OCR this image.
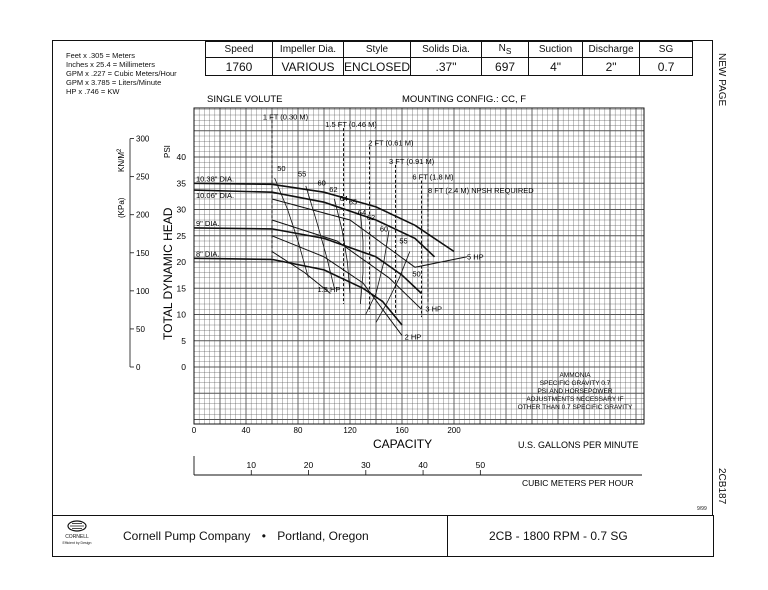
Feet x .305 = Meters
Inches x 25.4 = Millimeters
GPM x .227 = Cubic Meters/Hour
GPM x 3.785 = Liters/Minute
HP x .746 = KW
Speed	Impeller Dia.	Style	Solids Dia.	$N_S$	Suction	Discharge	SG
1760	VARIOUS	ENCLOSED	.37"	697	4"	2"	0.7	NEW PAGE
2CB187
9/99
0	40	80	120	160	200
0
5
10
15
20
25
30
35
40
0
50
100
150
200
250
300
10	20	30	40	50
10.38" DIA.
10.06" DIA.
9" DIA.
8" DIA.
50
55
60
62
64 65
64
62
60
55
50
1 FT (0.30 M)
1.5 FT (0.46 M)
2 FT (0.61 M)
3 FT (0.91 M)
6 FT (1.8 M)
8 FT (2.4 M) NPSH REQUIRED
1.5 HP
2 HP
3 HP
5 HP
SINGLE VOLUTE	MOUNTING CONFIG.: CC, F
CAPACITY	U.S. GALLONS PER MINUTE
CUBIC METERS PER HOUR
TOTAL DYNAMIC HEAD
PSI
(KPa)
$KN/M^2$
AMMONIA
SPECIFIC GRAVITY 0.7
PSI AND HORSEPOWER
ADJUSTMENTS NECESSARY IF
OTHER THAN 0.7 SPECIFIC GRAVITY
CORNELL
Efficient by Design	Cornell Pump Company • Portland, Oregon	2CB - 1800 RPM - 0.7 SG
